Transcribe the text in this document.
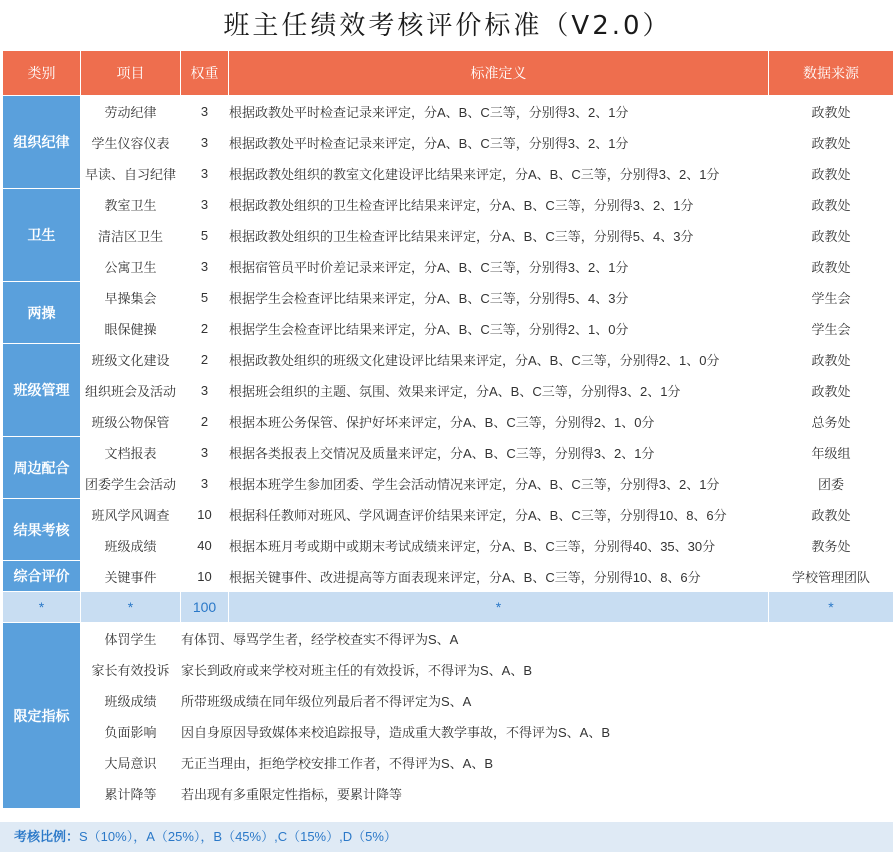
班主任绩效考核评价标准（V2.0）
类别	项目	权重	标准定义	数据来源
组织纪律	劳动纪律	3	根据政教处平时检查记录来评定，分A、B、C三等，分别得3、2、1分	政教处
	学生仪容仪表	3	根据政教处平时检查记录来评定，分A、B、C三等，分别得3、2、1分	政教处
	早读、自习纪律	3	根据政教处组织的教室文化建设评比结果来评定，分A、B、C三等，分别得3、2、1分	政教处
卫生	教室卫生	3	根据政教处组织的卫生检查评比结果来评定，分A、B、C三等，分别得3、2、1分	政教处
	清洁区卫生	5	根据政教处组织的卫生检查评比结果来评定，分A、B、C三等，分别得5、4、3分	政教处
	公寓卫生	3	根据宿管员平时价差记录来评定，分A、B、C三等，分别得3、2、1分	政教处
两操	早操集会	5	根据学生会检查评比结果来评定，分A、B、C三等，分别得5、4、3分	学生会
	眼保健操	2	根据学生会检查评比结果来评定，分A、B、C三等，分别得2、1、0分	学生会
班级管理	班级文化建设	2	根据政教处组织的班级文化建设评比结果来评定，分A、B、C三等，分别得2、1、0分	政教处
	组织班会及活动	3	根据班会组织的主题、氛围、效果来评定，分A、B、C三等，分别得3、2、1分	政教处
	班级公物保管	2	根据本班公务保管、保护好坏来评定，分A、B、C三等，分别得2、1、0分	总务处
周边配合	文档报表	3	根据各类报表上交情况及质量来评定，分A、B、C三等，分别得3、2、1分	年级组
	团委学生会活动	3	根据本班学生参加团委、学生会活动情况来评定，分A、B、C三等，分别得3、2、1分	团委
结果考核	班风学风调查	10	根据科任教师对班风、学风调查评价结果来评定，分A、B、C三等，分别得10、8、6分	政教处
	班级成绩	40	根据本班月考或期中或期末考试成绩来评定，分A、B、C三等，分别得40、35、30分	教务处
综合评价	关键事件	10	根据关键事件、改进提高等方面表现来评定，分A、B、C三等，分别得10、8、6分	学校管理团队
*	*	100	*	*
限定指标	体罚学生	有体罚、辱骂学生者，经学校查实不得评为S、A		
	家长有效投诉	家长到政府或来学校对班主任的有效投诉，不得评为S、A、B		
	班级成绩	所带班级成绩在同年级位列最后者不得评定为S、A		
	负面影响	因自身原因导致媒体来校追踪报导，造成重大教学事故，不得评为S、A、B		
	大局意识	无正当理由，拒绝学校安排工作者，不得评为S、A、B		
	累计降等	若出现有多重限定性指标，要累计降等		
考核比例：S（10%），A（25%），B（45%）,C（15%）,D（5%）
